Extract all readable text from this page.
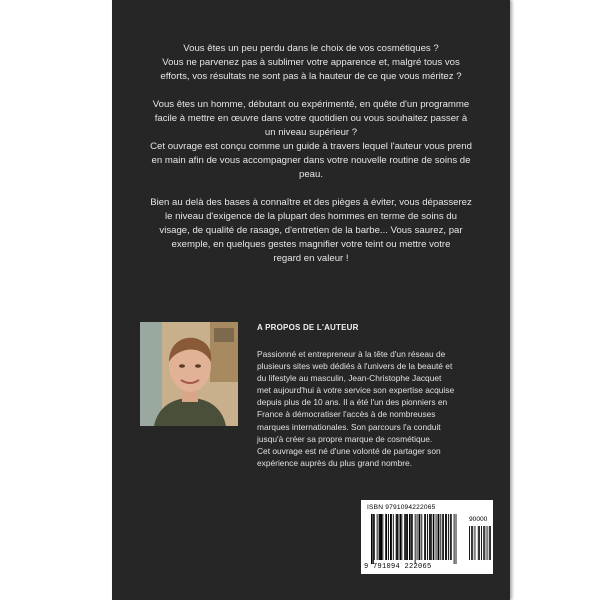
Vous êtes un peu perdu dans le choix de vos cosmétiques ?
Vous ne parvenez pas à sublimer votre apparence et, malgré tous vos
efforts, vos résultats ne sont pas à la hauteur de ce que vous méritez ?

Vous êtes un homme, débutant ou expérimenté, en quête d'un programme
facile à mettre en œuvre dans votre quotidien ou vous souhaitez passer à
un niveau supérieur ?

Cet ouvrage est conçu comme un guide à travers lequel l'auteur vous prend
en main afin de vous accompagner dans votre nouvelle routine de soins de
peau.

Bien au delà des bases à connaître et des pièges à éviter, vous dépasserez
le niveau d'exigence de la plupart des hommes en terme de soins du
visage, de qualité de rasage, d'entretien de la barbe... Vous saurez, par
exemple, en quelques gestes magnifier votre teint ou mettre votre
regard en valeur !

A PROPOS DE L'AUTEUR
Passionné et entrepreneur à la tête d'un réseau de
plusieurs sites web dédiés à l'univers de la beauté et
du lifestyle au masculin, Jean-Christophe Jacquet
met aujourd'hui à votre service son expertise acquise
depuis plus de 10 ans. Il a été l'un des pionniers en
France à démocratiser l'accès à de nombreuses
marques internationales. Son parcours l'a conduit
jusqu'à créer sa propre marque de cosmétique.
Cet ouvrage est né d'une volonté de partager son
expérience auprès du plus grand nombre.
ISBN 9791094222065
90000
9 791094 222065
